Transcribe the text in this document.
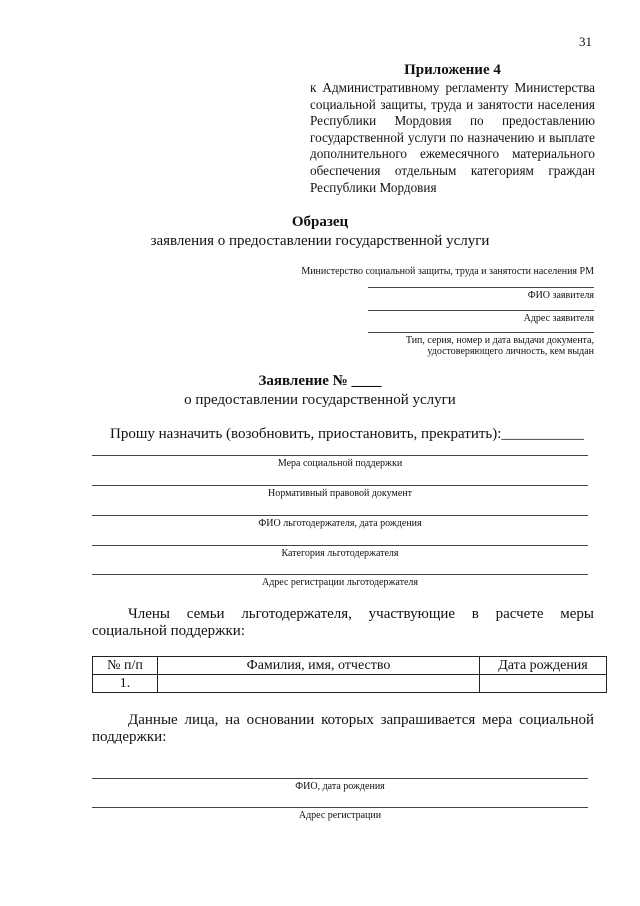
31
Приложение 4
к Административному регламенту Министерства социальной защиты, труда и занятости населения Республики Мордовия по предоставлению государственной услуги по назначению и выплате дополнительного ежемесячного материального обеспечения отдельным категориям граждан Республики Мордовия
Образец
заявления о предоставлении государственной услуги
Министерство социальной защиты, труда и занятости населения РМ
ФИО заявителя
Адрес заявителя
Тип, серия, номер и дата выдачи документа,
удостоверяющего личность, кем выдан
Заявление № ____
о предоставлении государственной услуги
Прошу назначить (возобновить, приостановить, прекратить):___________
Мера социальной поддержки
Нормативный правовой документ
ФИО льготодержателя, дата рождения
Категория льготодержателя
Адрес регистрации льготодержателя
Члены семьи льготодержателя, участвующие в расчете меры социальной поддержки:
№ п/п	Фамилия, имя, отчество	Дата рождения
1.		
Данные лица, на основании которых запрашивается мера социальной поддержки:
ФИО, дата рождения
Адрес регистрации
